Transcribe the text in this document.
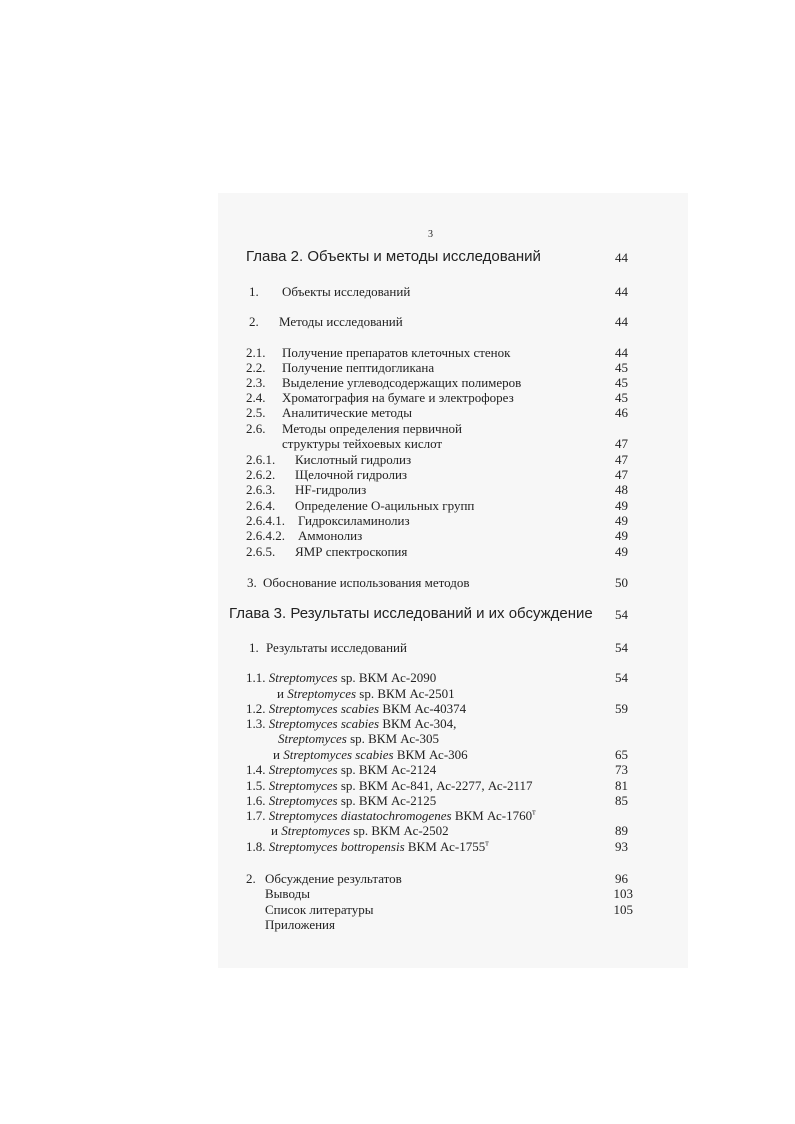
3
Глава 2. Объекты и методы исследований	44
1. Объекты исследований	44
2. Методы исследований	44
2.1. Получение препаратов клеточных стенок	44
2.2. Получение пептидогликана	45
2.3. Выделение углеводсодержащих полимеров	45
2.4. Хроматография на бумаге и электрофорез	45
2.5. Аналитические методы	46
2.6. Методы определения первичной
структуры тейхоевых кислот	47
2.6.1. Кислотный гидролиз	47
2.6.2. Щелочной гидролиз	47
2.6.3. HF-гидролиз	48
2.6.4. Определение О-ацильных групп	49
2.6.4.1. Гидроксиламинолиз	49
2.6.4.2. Аммонолиз	49
2.6.5. ЯМР спектроскопия	49
3. Обоснование использования методов	50
Глава 3. Результаты исследований и их обсуждение	54
1. Результаты исследований	54
1.1. Streptomyces sp. ВКМ Ас-2090	54
и Streptomyces sp. ВКМ Ас-2501
1.2. Streptomyces scabies ВКМ Ас-40374	59
1.3. Streptomyces scabies ВКМ Ас-304,
Streptomyces sp. ВКМ Ас-305
и Streptomyces scabies ВКМ Ас-306	65
1.4. Streptomyces sp. ВКМ Ас-2124	73
1.5. Streptomyces sp. ВКМ Ас-841, Ас-2277, Ас-2117	81
1.6. Streptomyces sp. ВКМ Ас-2125	85
1.7. Streptomyces diastatochromogenes ВКМ $Ас-1760^т$
и Streptomyces sp. ВКМ Ас-2502	89
1.8. Streptomyces bottropensis ВКМ $Ас-1755^т$	93
2. Обсуждение результатов	96
Выводы	103
Список литературы	105
Приложения
